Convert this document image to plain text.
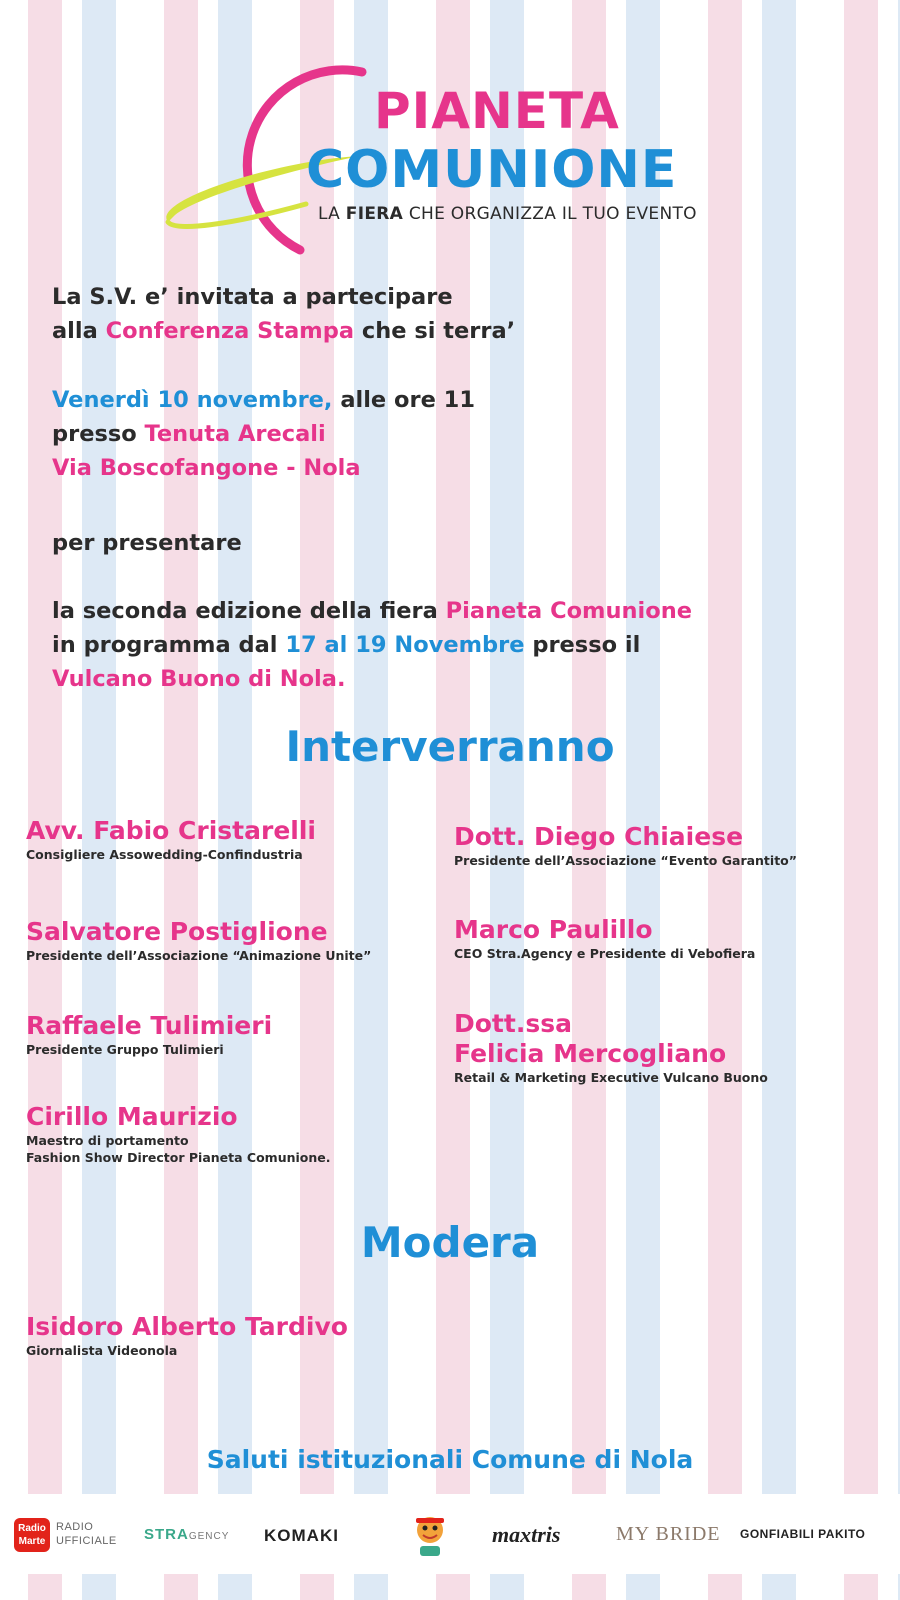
PIANETA
COMUNIONE
LA FIERA CHE ORGANIZZA IL TUO EVENTO
La S.V. e’ invitata a partecipare
alla Conferenza Stampa che si terra’
Venerdì 10 novembre, alle ore 11
presso Tenuta Arecali
Via Boscofangone - Nola
per presentare
la seconda edizione della fiera Pianeta Comunione
in programma dal 17 al 19 Novembre presso il
Vulcano Buono di Nola.
Interverranno
Avv. Fabio Cristarelli
Consigliere Assowedding-Confindustria
Salvatore Postiglione
Presidente dell’Associazione “Animazione Unite”
Raffaele Tulimieri
Presidente Gruppo Tulimieri
Cirillo Maurizio
Maestro di portamento
Fashion Show Director Pianeta Comunione.
Dott. Diego Chiaiese
Presidente dell’Associazione “Evento Garantito”
Marco Paulillo
CEO Stra.Agency e Presidente di Vebofiera
Dott.ssa
Felicia Mercogliano
Retail & Marketing Executive Vulcano Buono
Modera
Isidoro Alberto Tardivo
Giornalista Videonola
Saluti istituzionali Comune di Nola
Radio
Marte
RADIO
UFFICIALE STRAGENCY KOMAKI	maxtris	MY BRIDE GONFIABILI PAKITO
